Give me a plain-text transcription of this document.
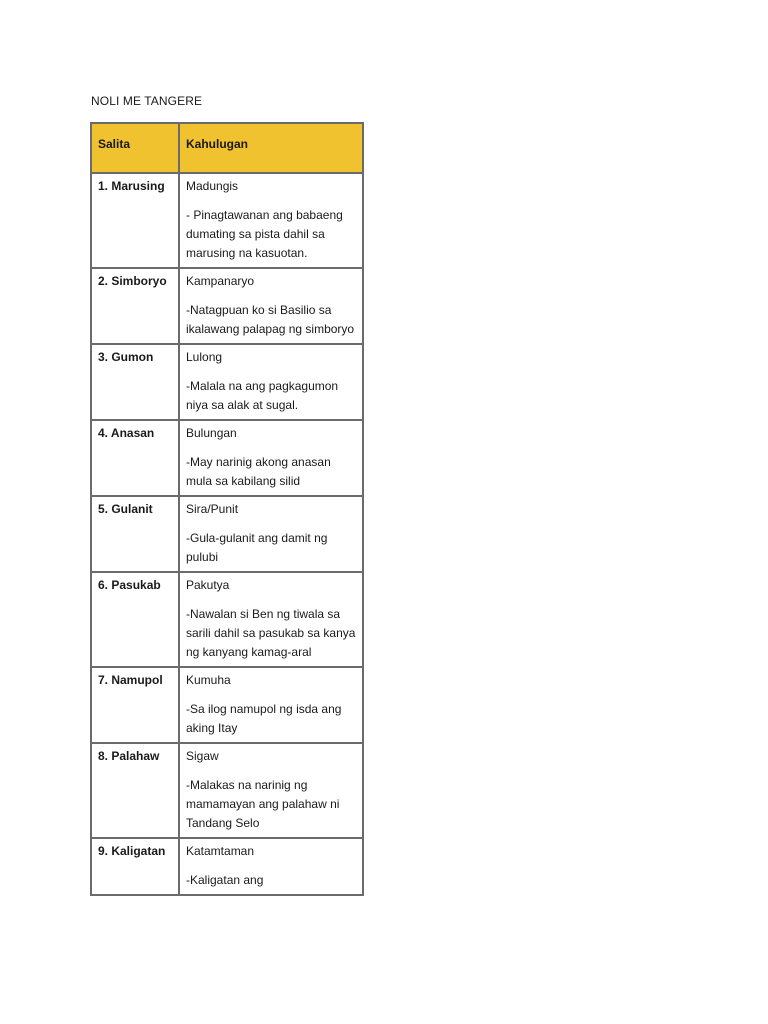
NOLI ME TANGERE
Salita	Kahulugan
1. Marusing	Madungis
- Pinagtawanan ang babaeng dumating sa pista dahil sa marusing na kasuotan.

2. Simboryo	Kampanaryo
-Natagpuan ko si Basilio sa ikalawang palapag ng simboryo

3. Gumon	Lulong
-Malala na ang pagkagumon niya sa alak at sugal.

4. Anasan	Bulungan
-May narinig akong anasan mula sa kabilang silid

5. Gulanit	Sira/Punit
-Gula-gulanit ang damit ng pulubi

6. Pasukab	Pakutya
-Nawalan si Ben ng tiwala sa sarili dahil sa pasukab sa kanya ng kanyang kamag-aral

7. Namupol	Kumuha
-Sa ilog namupol ng isda ang aking Itay

8. Palahaw	Sigaw
-Malakas na narinig ng mamamayan ang palahaw ni Tandang Selo

9. Kaligatan	Katamtaman
-Kaligatan ang
